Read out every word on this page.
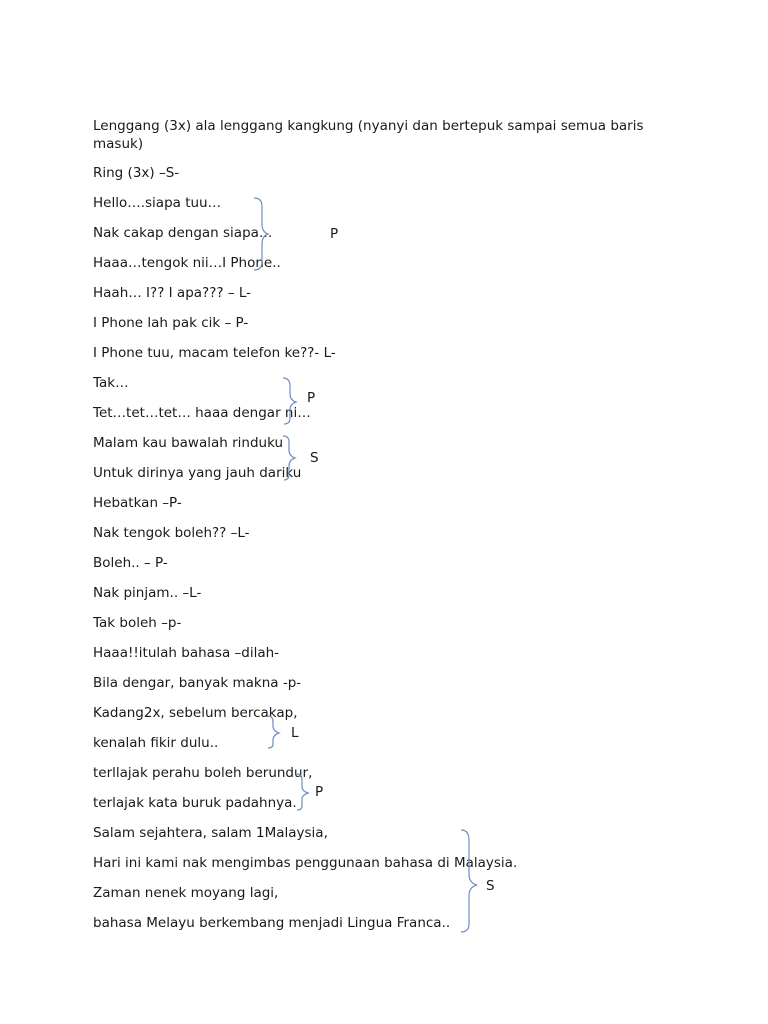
Lenggang (3x) ala lenggang kangkung (nyanyi dan bertepuk sampai semua baris masuk)

Ring (3x) –S-

Hello….siapa tuu…

Nak cakap dengan siapa…

Haaa…tengok nii…I Phone..

Haah… I?? I apa??? – L-

I Phone lah pak cik – P-

I Phone tuu, macam telefon ke??- L-

Tak…

Tet…tet…tet… haaa dengar ni…

Malam kau bawalah rinduku

Untuk dirinya yang jauh dariku

Hebatkan –P-

Nak tengok boleh?? –L-

Boleh.. – P-

Nak pinjam.. –L-

Tak boleh –p-

Haaa!!itulah bahasa –dilah-

Bila dengar, banyak makna -p-

Kadang2x, sebelum bercakap,

kenalah fikir dulu..

terllajak perahu boleh berundur,

terlajak kata buruk padahnya.

Salam sejahtera, salam 1Malaysia,

Hari ini kami nak mengimbas penggunaan bahasa di Malaysia.

Zaman nenek moyang lagi,

bahasa Melayu berkembang menjadi Lingua Franca..

P
P
S
L
P
S
